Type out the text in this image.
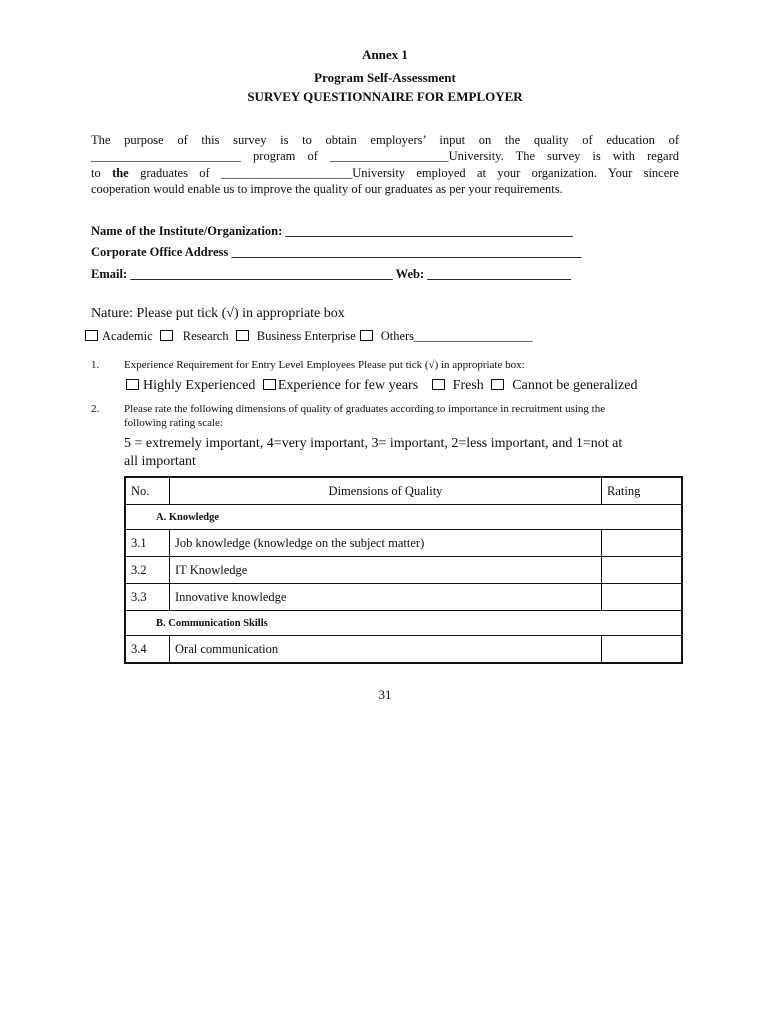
Annex 1
Program Self-Assessment
SURVEY QUESTIONNAIRE FOR EMPLOYER
The purpose of this survey is to obtain employers’ input on the quality of education of
________________________ program of ___________________University. The survey is with regard
to the graduates of _____________________University employed at your organization. Your sincere
cooperation would enable us to improve the quality of our graduates as per your requirements.
Name of the Institute/Organization: ______________________________________________
Corporate Office Address ________________________________________________________
Email: __________________________________________ Web: _______________________
Nature: Please put tick (√) in appropriate box
Academic Research Business Enterprise Others___________________
1. Experience Requirement for Entry Level Employees Please put tick (√) in appropriate box:
Highly Experienced Experience for few years Fresh Cannot be generalized
2. Please rate the following dimensions of quality of graduates according to importance in recruitment using the
following rating scale:
5 = extremely important, 4=very important, 3= important, 2=less important, and 1=not at
all important
No.	Dimensions of Quality	Rating
A. Knowledge		
3.1	Job knowledge (knowledge on the subject matter)	
3.2	IT Knowledge	
3.3	Innovative knowledge	
B. Communication Skills		
3.4	Oral communication	
31
